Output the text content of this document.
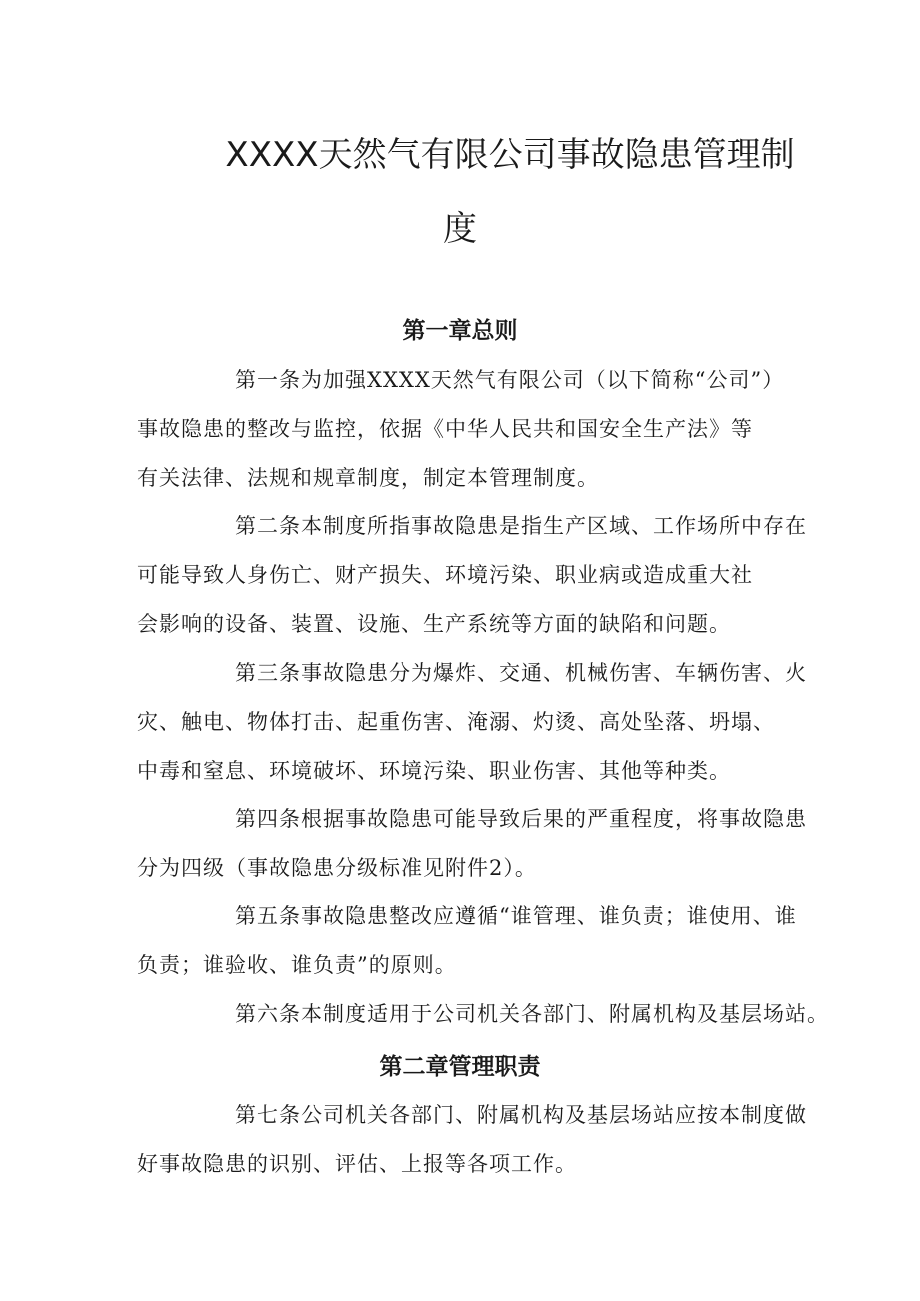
XXXX天然气有限公司事故隐患管理制
度
第一章总则
第一条为加强XXXX天然气有限公司（以下简称“公司”）
事故隐患的整改与监控，依据《中华人民共和国安全生产法》等
有关法律、法规和规章制度，制定本管理制度。
第二条本制度所指事故隐患是指生产区域、工作场所中存在
可能导致人身伤亡、财产损失、环境污染、职业病或造成重大社
会影响的设备、装置、设施、生产系统等方面的缺陷和问题。
第三条事故隐患分为爆炸、交通、机械伤害、车辆伤害、火
灾、触电、物体打击、起重伤害、淹溺、灼烫、高处坠落、坍塌、
中毒和窒息、环境破坏、环境污染、职业伤害、其他等种类。
第四条根据事故隐患可能导致后果的严重程度，将事故隐患
分为四级（事故隐患分级标准见附件2）。
第五条事故隐患整改应遵循“谁管理、谁负责；谁使用、谁
负责；谁验收、谁负责”的原则。
第六条本制度适用于公司机关各部门、附属机构及基层场站。
第二章管理职责
第七条公司机关各部门、附属机构及基层场站应按本制度做
好事故隐患的识别、评估、上报等各项工作。
